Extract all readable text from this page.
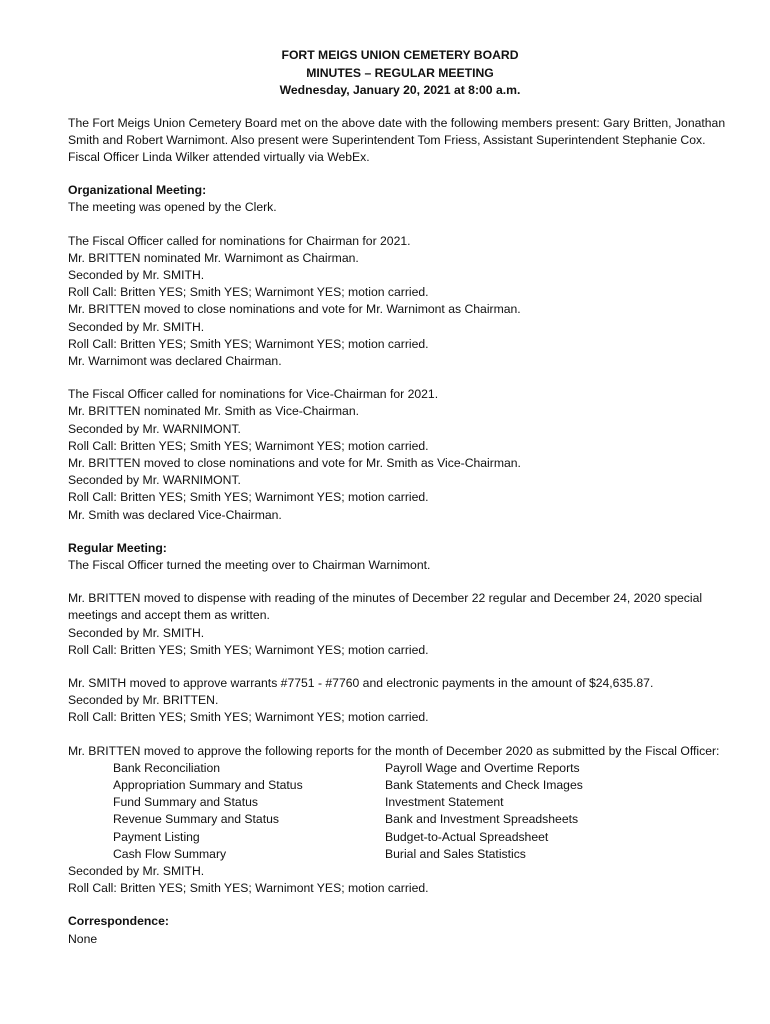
FORT MEIGS UNION CEMETERY BOARD
MINUTES – REGULAR MEETING
Wednesday, January 20, 2021 at 8:00 a.m.
The Fort Meigs Union Cemetery Board met on the above date with the following members present: Gary Britten, Jonathan Smith and Robert Warnimont. Also present were Superintendent Tom Friess, Assistant Superintendent Stephanie Cox. Fiscal Officer Linda Wilker attended virtually via WebEx.
Organizational Meeting:
The meeting was opened by the Clerk.
The Fiscal Officer called for nominations for Chairman for 2021.
Mr. BRITTEN nominated Mr. Warnimont as Chairman.
Seconded by Mr. SMITH.
Roll Call: Britten YES; Smith YES; Warnimont YES; motion carried.
Mr. BRITTEN moved to close nominations and vote for Mr. Warnimont as Chairman.
Seconded by Mr. SMITH.
Roll Call: Britten YES; Smith YES; Warnimont YES; motion carried.
Mr. Warnimont was declared Chairman.
The Fiscal Officer called for nominations for Vice-Chairman for 2021.
Mr. BRITTEN nominated Mr. Smith as Vice-Chairman.
Seconded by Mr. WARNIMONT.
Roll Call: Britten YES; Smith YES; Warnimont YES; motion carried.
Mr. BRITTEN moved to close nominations and vote for Mr. Smith as Vice-Chairman.
Seconded by Mr. WARNIMONT.
Roll Call: Britten YES; Smith YES; Warnimont YES; motion carried.
Mr. Smith was declared Vice-Chairman.
Regular Meeting:
The Fiscal Officer turned the meeting over to Chairman Warnimont.
Mr. BRITTEN moved to dispense with reading of the minutes of December 22 regular and December 24, 2020 special meetings and accept them as written.
Seconded by Mr. SMITH.
Roll Call: Britten YES; Smith YES; Warnimont YES; motion carried.
Mr. SMITH moved to approve warrants #7751 - #7760 and electronic payments in the amount of $24,635.87.
Seconded by Mr. BRITTEN.
Roll Call: Britten YES; Smith YES; Warnimont YES; motion carried.
Mr. BRITTEN moved to approve the following reports for the month of December 2020 as submitted by the Fiscal Officer:
Bank Reconciliation	Payroll Wage and Overtime Reports
Appropriation Summary and Status	Bank Statements and Check Images
Fund Summary and Status	Investment Statement
Revenue Summary and Status	Bank and Investment Spreadsheets
Payment Listing	Budget-to-Actual Spreadsheet
Cash Flow Summary	Burial and Sales Statistics
Seconded by Mr. SMITH.
Roll Call: Britten YES; Smith YES; Warnimont YES; motion carried.
Correspondence:
None
